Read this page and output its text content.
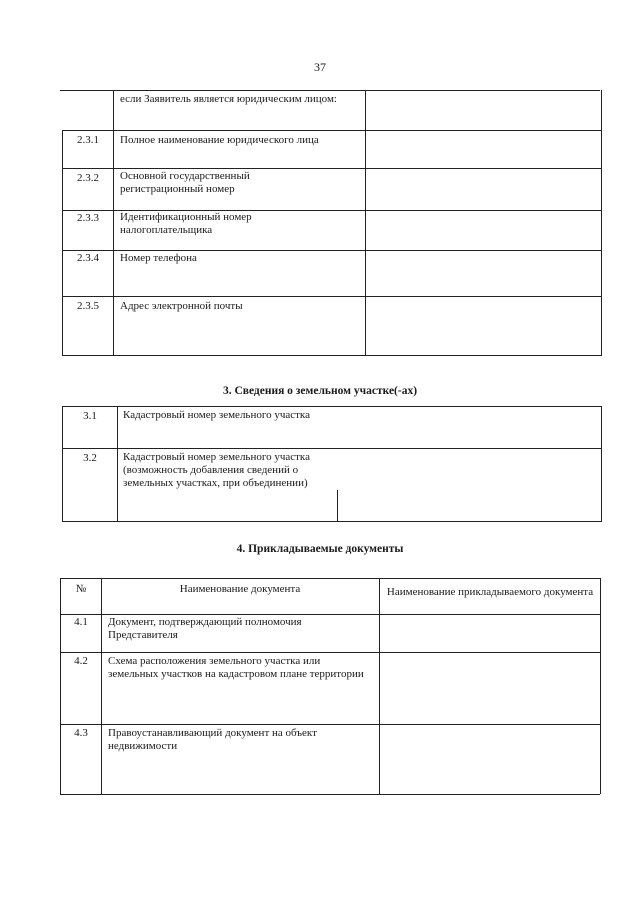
37
если Заявитель является юридическим лицом:
2.3.1	Полное наименование юридического лица
2.3.2	Основной государственный регистрационный номер
2.3.3	Идентификационный номер налогоплательщика
2.3.4	Номер телефона
2.3.5	Адрес электронной почты
3. Сведения о земельном участке(-ах)
3.1	Кадастровый номер земельного участка
3.2	Кадастровый номер земельного участка (возможность добавления сведений о земельных участках, при объединении)
4. Прикладываемые документы
№	Наименование документа	Наименование прикладываемого документа
4.1	Документ, подтверждающий полномочия Представителя
4.2	Схема расположения земельного участка или земельных участков на кадастровом плане территории
4.3	Правоустанавливающий документ на объект недвижимости
